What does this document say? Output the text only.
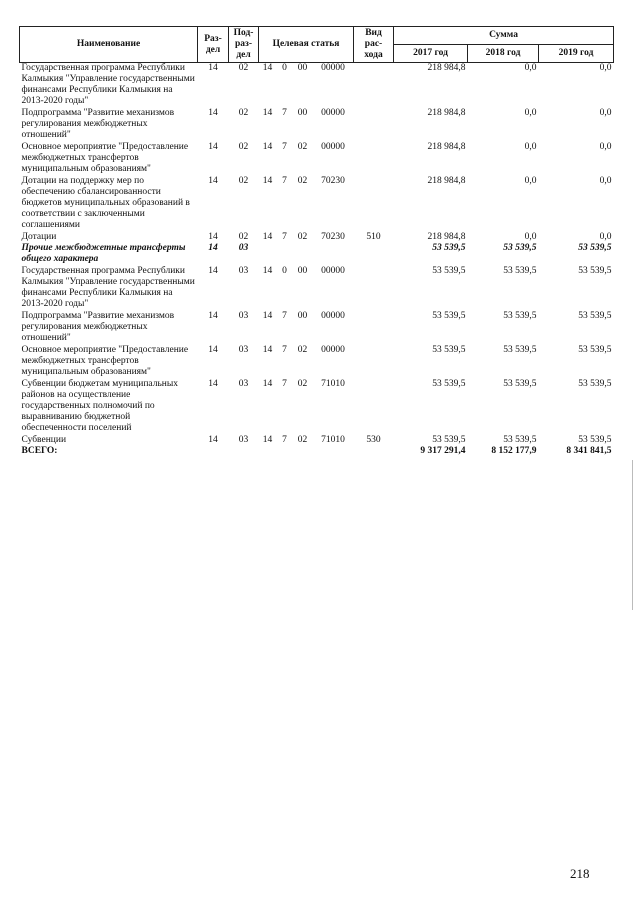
Наименование	Раз-дел	Под-раз-дел	Целевая статья				Вид рас-хода	Сумма		
								2017 год	2018 год	2019 год
Государственная программа Республики Калмыкия "Управление государственными финансами Республики Калмыкия на 2013-2020 годы"	14	02	14	0	00	00000		218 984,8	0,0	0,0
Подпрограмма "Развитие механизмов регулирования межбюджетных отношений"	14	02	14	7	00	00000		218 984,8	0,0	0,0
Основное мероприятие "Предоставление межбюджетных трансфертов муниципальным образованиям"	14	02	14	7	02	00000		218 984,8	0,0	0,0
Дотации на поддержку мер по обеспечению сбалансированности бюджетов муниципальных образований в соответствии с заключенными соглашениями	14	02	14	7	02	70230		218 984,8	0,0	0,0
Дотации	14	02	14	7	02	70230	510	218 984,8	0,0	0,0
Прочие межбюджетные трансферты общего характера	14	03						53 539,5	53 539,5	53 539,5
Государственная программа Республики Калмыкия "Управление государственными финансами Республики Калмыкия на 2013-2020 годы"	14	03	14	0	00	00000		53 539,5	53 539,5	53 539,5
Подпрограмма "Развитие механизмов регулирования межбюджетных отношений"	14	03	14	7	00	00000		53 539,5	53 539,5	53 539,5
Основное мероприятие "Предоставление межбюджетных трансфертов муниципальным образованиям"	14	03	14	7	02	00000		53 539,5	53 539,5	53 539,5
Субвенции бюджетам муниципальных районов на осуществление государственных полномочий по выравниванию бюджетной обеспеченности поселений	14	03	14	7	02	71010		53 539,5	53 539,5	53 539,5
Субвенции	14	03	14	7	02	71010	530	53 539,5	53 539,5	53 539,5
ВСЕГО:								9 317 291,4	8 152 177,9	8 341 841,5
218
